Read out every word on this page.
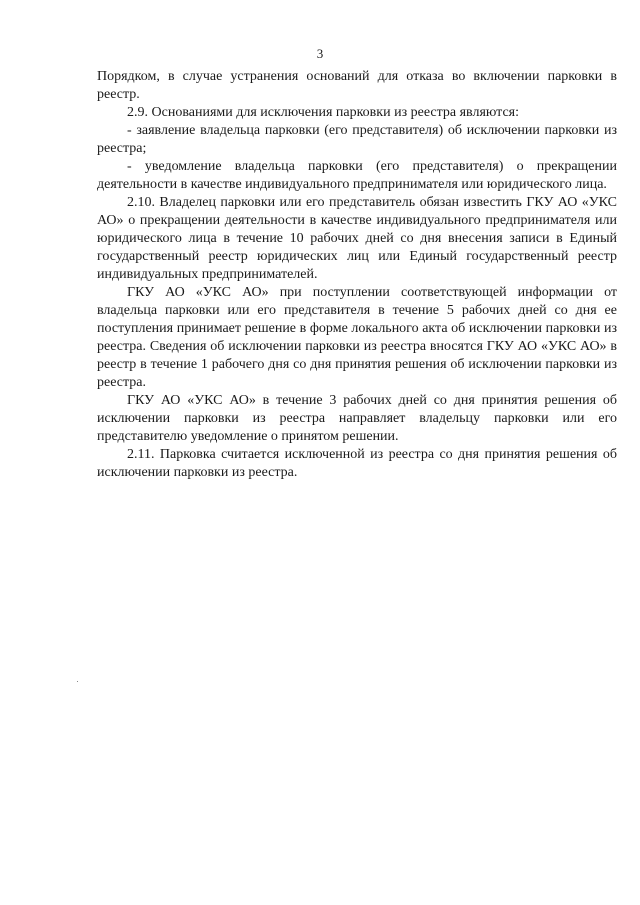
3

Порядком, в случае устранения оснований для отказа во включении парковки в реестр.

2.9. Основаниями для исключения парковки из реестра являются:

- заявление владельца парковки (его представителя) об исключении парковки из реестра;

- уведомление владельца парковки (его представителя) о прекращении деятельности в качестве индивидуального предпринимателя или юридического лица.

2.10. Владелец парковки или его представитель обязан известить ГКУ АО «УКС АО» о прекращении деятельности в качестве индивидуального предпринимателя или юридического лица в течение 10 рабочих дней со дня внесения записи в Единый государственный реестр юридических лиц или Единый государственный реестр индивидуальных предпринимателей.

ГКУ АО «УКС АО» при поступлении соответствующей информации от владельца парковки или его представителя в течение 5 рабочих дней со дня ее поступления принимает решение в форме локального акта об исключении парковки из реестра. Сведения об исключении парковки из реестра вносятся ГКУ АО «УКС АО» в реестр в течение 1 рабочего дня со дня принятия решения об исключении парковки из реестра.

ГКУ АО «УКС АО» в течение 3 рабочих дней со дня принятия решения об исключении парковки из реестра направляет владельцу парковки или его представителю уведомление о принятом решении.

2.11. Парковка считается исключенной из реестра со дня принятия решения об исключении парковки из реестра.
